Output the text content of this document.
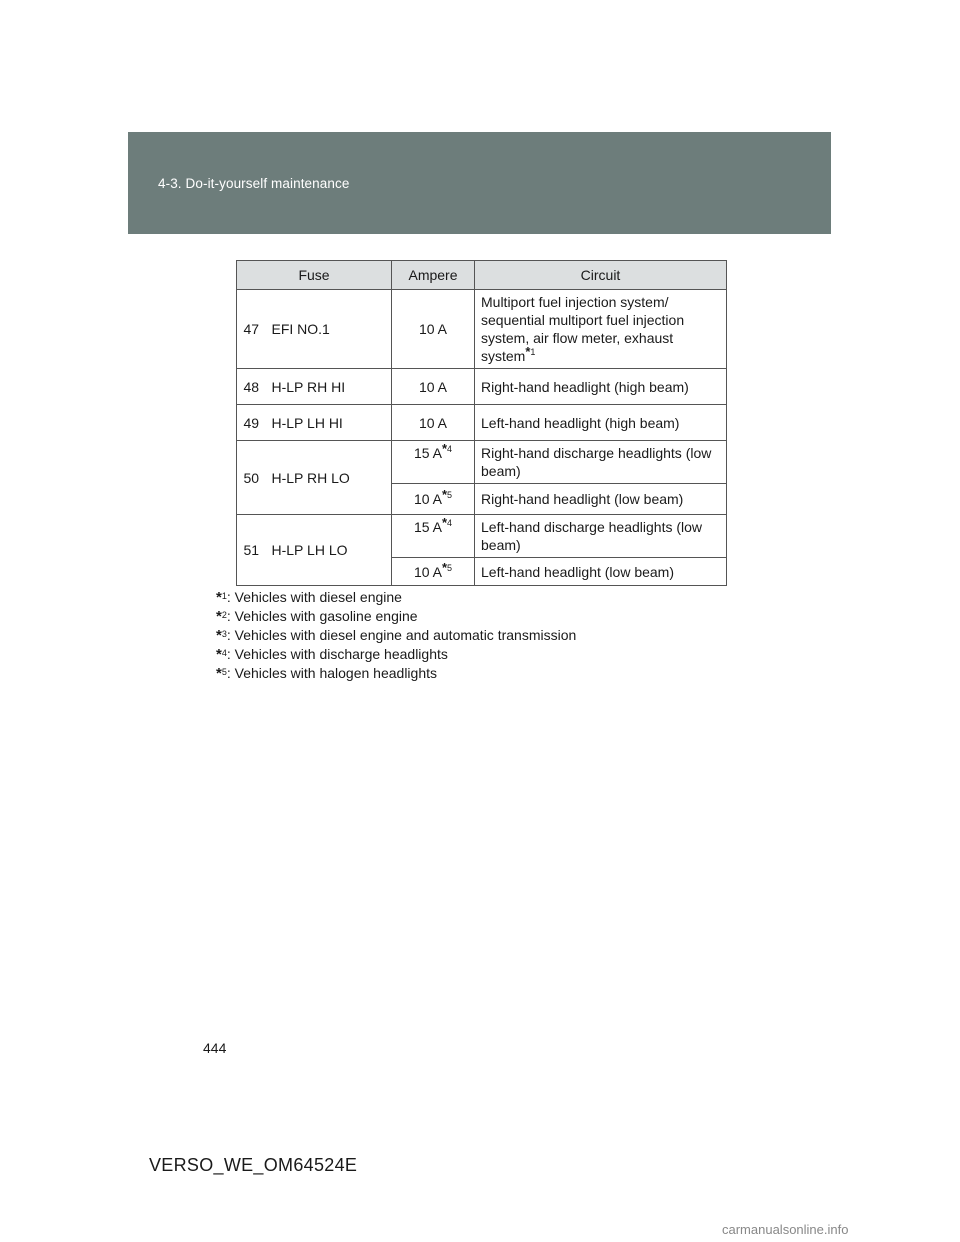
4-3. Do-it-yourself maintenance
Fuse		Ampere	Circuit
47	EFI NO.1	10 A	Multiport fuel injection system/ sequential multiport fuel injection system, air flow meter, exhaust system*$^1$
48	H-LP RH HI	10 A	Right-hand headlight (high beam)
49	H-LP LH HI	10 A	Left-hand headlight (high beam)
50	H-LP RH LO	15 A*$^4$	Right-hand discharge headlights (low beam)
		10 A*$^5$	Right-hand headlight (low beam)
51	H-LP LH LO	15 A*$^4$	Left-hand discharge headlights (low beam)
		10 A*$^5$	Left-hand headlight (low beam)
*$^1$: Vehicles with diesel engine
*$^2$: Vehicles with gasoline engine
*$^3$: Vehicles with diesel engine and automatic transmission
*$^4$: Vehicles with discharge headlights
*$^5$: Vehicles with halogen headlights
444
VERSO_WE_OM64524E
carmanualsonline.info
